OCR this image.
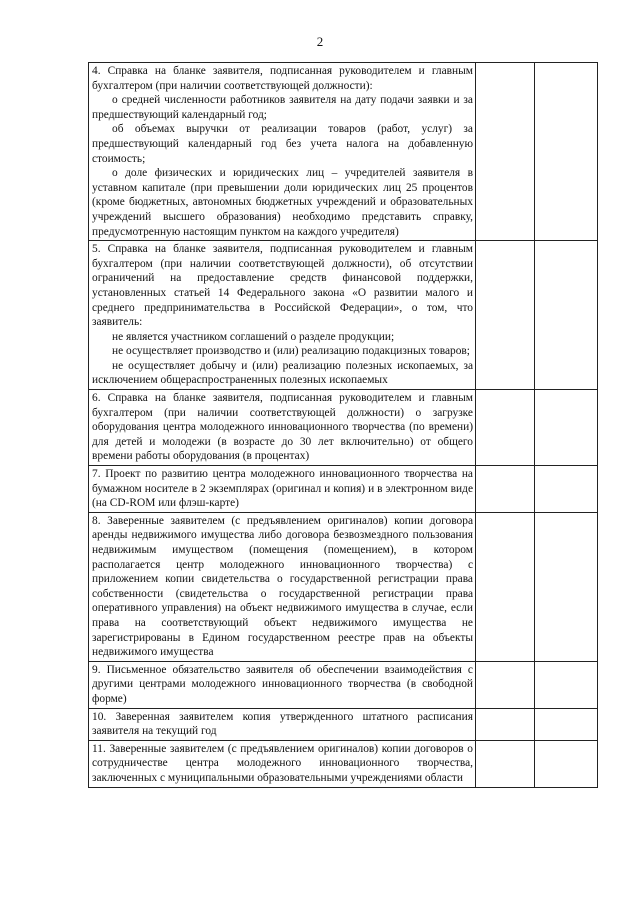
2

4. Справка на бланке заявителя, подписанная руководителем и главным бухгалтером (при наличии соответствующей должности):

о средней численности работников заявителя на дату подачи заявки и за предшествующий календарный год;

об объемах выручки от реализации товаров (работ, услуг) за предшествующий календарный год без учета налога на добавленную стоимость;

о доле физических и юридических лиц – учредителей заявителя в уставном капитале (при превышении доли юридических лиц 25 процентов (кроме бюджетных, автономных бюджетных учреждений и образовательных учреждений высшего образования) необходимо представить справку, предусмотренную настоящим пунктом на каждого учредителя)		

5. Справка на бланке заявителя, подписанная руководителем и главным бухгалтером (при наличии соответствующей должности), об отсутствии ограничений на предоставление средств финансовой поддержки, установленных статьей 14 Федерального закона «О развитии малого и среднего предпринимательства в Российской Федерации», о том, что заявитель:

не является участником соглашений о разделе продукции;

не осуществляет производство и (или) реализацию подакцизных товаров;

не осуществляет добычу и (или) реализацию полезных ископаемых, за исключением общераспространенных полезных ископаемых		

6. Справка на бланке заявителя, подписанная руководителем и главным бухгалтером (при наличии соответствующей должности) о загрузке оборудования центра молодежного инновационного творчества (по времени) для детей и молодежи (в возрасте до 30 лет включительно) от общего времени работы оборудования (в процентах)		

7. Проект по развитию центра молодежного инновационного творчества на бумажном носителе в 2 экземплярах (оригинал и копия) и в электронном виде (на CD-ROM или флэш-карте)		

8. Заверенные заявителем (с предъявлением оригиналов) копии договора аренды недвижимого имущества либо договора безвозмездного пользования недвижимым имуществом (помещения (помещением), в котором располагается центр молодежного инновационного творчества) с приложением копии свидетельства о государственной регистрации права собственности (свидетельства о государственной регистрации права оперативного управления) на объект недвижимого имущества в случае, если права на соответствующий объект недвижимого имущества не зарегистрированы в Едином государственном реестре прав на объекты недвижимого имущества		

9. Письменное обязательство заявителя об обеспечении взаимодействия с другими центрами молодежного инновационного творчества (в свободной форме)		

10. Заверенная заявителем копия утвержденного штатного расписания заявителя на текущий год		

11. Заверенные заявителем (с предъявлением оригиналов) копии договоров о сотрудничестве центра молодежного инновационного творчества, заключенных с муниципальными образовательными учреждениями области		
